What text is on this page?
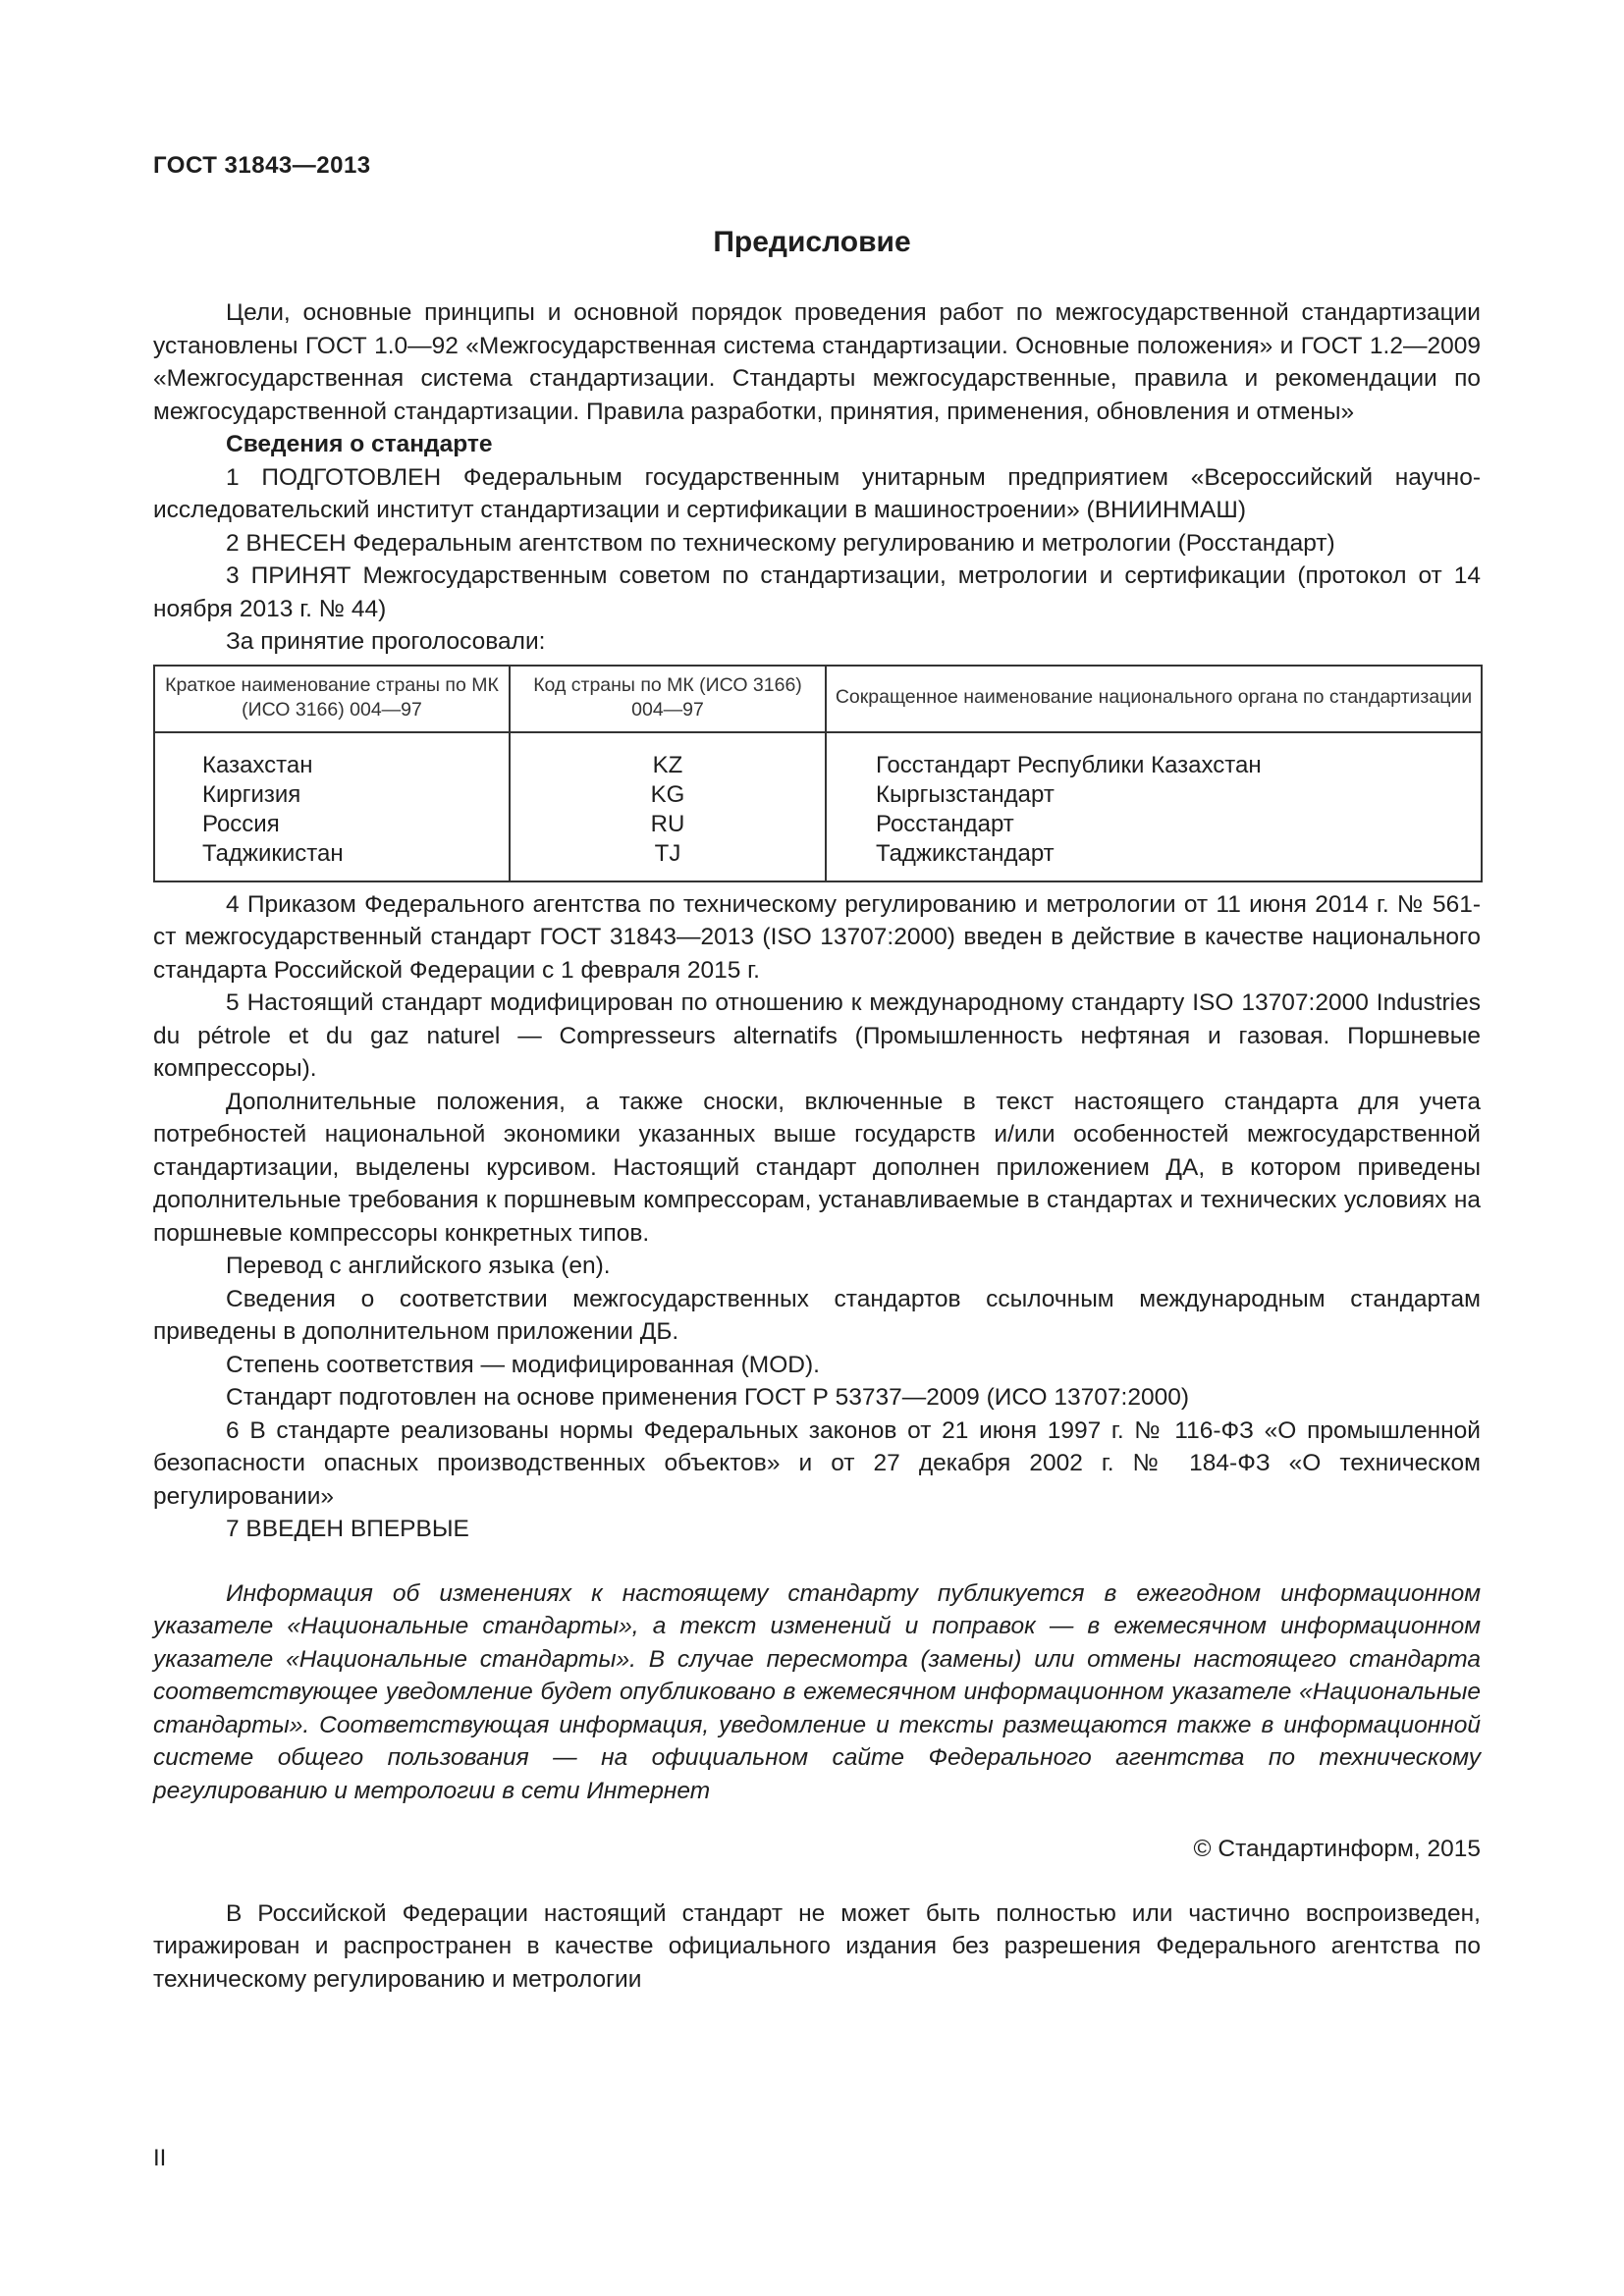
ГОСТ 31843—2013
Предисловие

Цели, основные принципы и основной порядок проведения работ по межгосударственной стандартизации установлены ГОСТ 1.0—92 «Межгосударственная система стандартизации. Основные положения» и ГОСТ 1.2—2009 «Межгосударственная система стандартизации. Стандарты межгосударственные, правила и рекомендации по межгосударственной стандартизации. Правила разработки, принятия, применения, обновления и отмены»

Сведения о стандарте

1 ПОДГОТОВЛЕН Федеральным государственным унитарным предприятием «Всероссийский научно-исследовательский институт стандартизации и сертификации в машиностроении» (ВНИИНМАШ)

2 ВНЕСЕН Федеральным агентством по техническому регулированию и метрологии (Росстандарт)

3 ПРИНЯТ Межгосударственным советом по стандартизации, метрологии и сертификации (протокол от 14 ноября 2013 г. № 44)

За принятие проголосовали:

Краткое наименование страны по МК (ИСО 3166) 004—97	Код страны по МК (ИСО 3166) 004—97	Сокращенное наименование национального органа по стандартизации
Казахстан	KZ	Госстандарт Республики Казахстан
Киргизия	KG	Кыргызстандарт
Россия	RU	Росстандарт
Таджикистан	TJ	Таджикстандарт

4 Приказом Федерального агентства по техническому регулированию и метрологии от 11 июня 2014 г. № 561-ст межгосударственный стандарт ГОСТ 31843—2013 (ISO 13707:2000) введен в действие в качестве национального стандарта Российской Федерации с 1 февраля 2015 г.

5 Настоящий стандарт модифицирован по отношению к международному стандарту ISO 13707:2000 Industries du pétrole et du gaz naturel — Compresseurs alternatifs (Промышленность нефтяная и газовая. Поршневые компрессоры).

Дополнительные положения, а также сноски, включенные в текст настоящего стандарта для учета потребностей национальной экономики указанных выше государств и/или особенностей межгосударственной стандартизации, выделены курсивом. Настоящий стандарт дополнен приложением ДА, в котором приведены дополнительные требования к поршневым компрессорам, устанавливаемые в стандартах и технических условиях на поршневые компрессоры конкретных типов.

Перевод с английского языка (en).

Сведения о соответствии межгосударственных стандартов ссылочным международным стандартам приведены в дополнительном приложении ДБ.

Степень соответствия — модифицированная (MOD).

Стандарт подготовлен на основе применения ГОСТ Р 53737—2009 (ИСО 13707:2000)

6 В стандарте реализованы нормы Федеральных законов от 21 июня 1997 г. № 116-ФЗ «О промышленной безопасности опасных производственных объектов» и от 27 декабря 2002 г. № 184-ФЗ «О техническом регулировании»

7 ВВЕДЕН ВПЕРВЫЕ

Информация об изменениях к настоящему стандарту публикуется в ежегодном информационном указателе «Национальные стандарты», а текст изменений и поправок — в ежемесячном информационном указателе «Национальные стандарты». В случае пересмотра (замены) или отмены настоящего стандарта соответствующее уведомление будет опубликовано в ежемесячном информационном указателе «Национальные стандарты». Соответствующая информация, уведомление и тексты размещаются также в информационной системе общего пользования — на официальном сайте Федерального агентства по техническому регулированию и метрологии в сети Интернет

© Стандартинформ, 2015

В Российской Федерации настоящий стандарт не может быть полностью или частично воспроизведен, тиражирован и распространен в качестве официального издания без разрешения Федерального агентства по техническому регулированию и метрологии

II
